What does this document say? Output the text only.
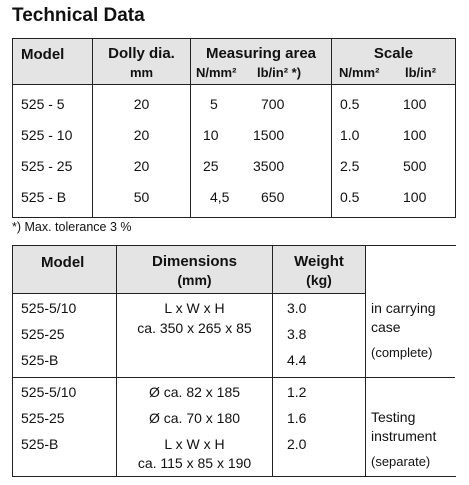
Technical Data
Model	Dolly dia.
mm
Measuring area
N/mm² lb/in² *)
Scale
N/mm² lb/in²
525 - 5
525 - 10
525 - 25
525 - B
20
20
20
50
5
10
25
4,5
700
1500
3500
650
0.5
1.0
2.5
0.5
100
100
500
100
*) Max. tolerance 3 %
Model	Dimensions
(mm)
Weight
(kg)
525-5/10
525-25
525-B
L x W x H
ca. 350 x 265 x 85
3.0
3.8
4.4
in carrying
case
(complete)
525-5/10
525-25
525-B
Ø ca. 82 x 185
Ø ca. 70 x 180
L x W x H
ca. 115 x 85 x 190
1.2
1.6
2.0
Testing
instrument
(separate)
